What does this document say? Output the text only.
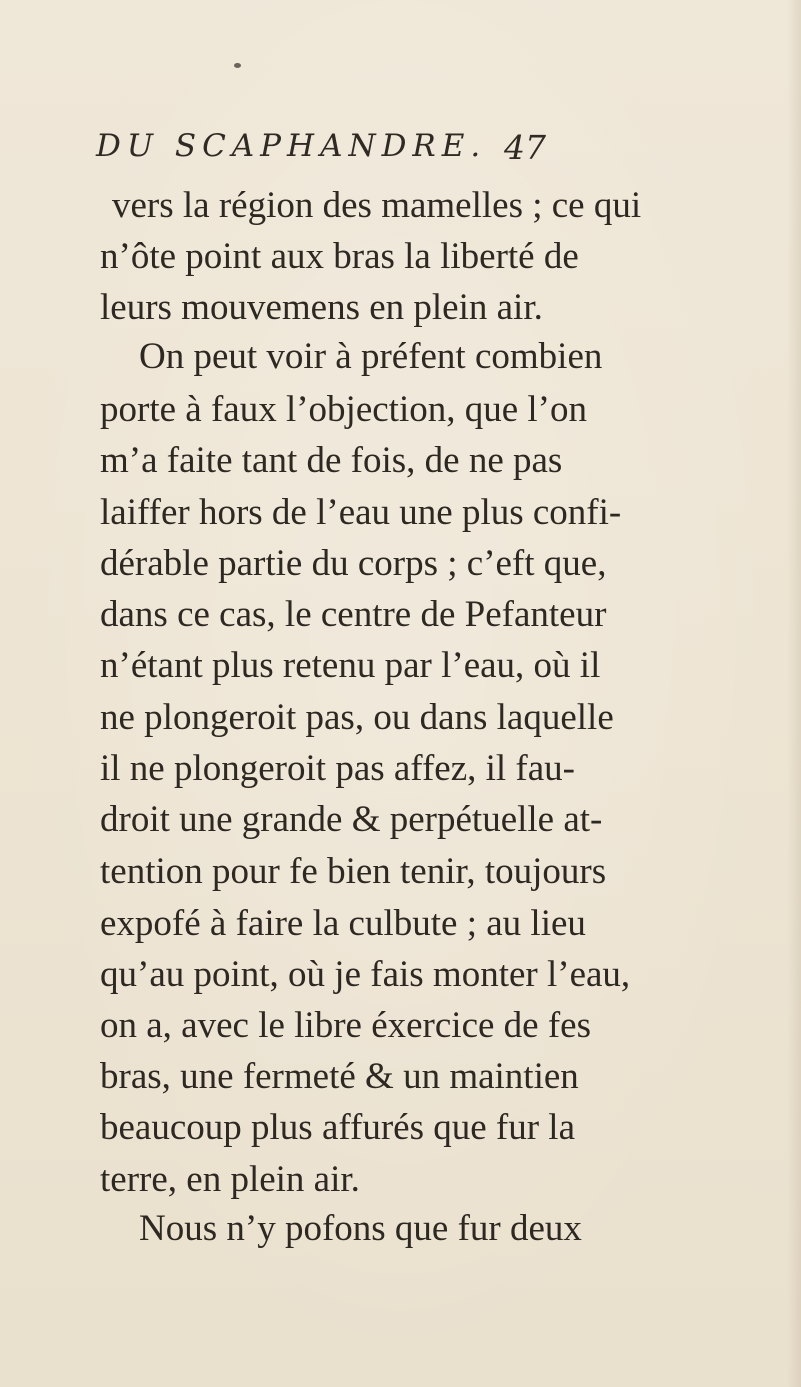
DU SCAPHANDRE. 47
vers la région des mamelles ; ce qui
n’ôte point aux bras la liberté de
leurs mouvemens en plein air.
On peut voir à préfent combien
porte à faux l’objection, que l’on
m’a faite tant de fois, de ne pas
laiffer hors de l’eau une plus confi-
dérable partie du corps ; c’eft que,
dans ce cas, le centre de Pefanteur
n’étant plus retenu par l’eau, où il
ne plongeroit pas, ou dans laquelle
il ne plongeroit pas affez, il fau-
droit une grande & perpétuelle at-
tention pour fe bien tenir, toujours
expofé à faire la culbute ; au lieu
qu’au point, où je fais monter l’eau,
on a, avec le libre éxercice de fes
bras, une fermeté & un maintien
beaucoup plus affurés que fur la
terre, en plein air.
Nous n’y pofons que fur deux
